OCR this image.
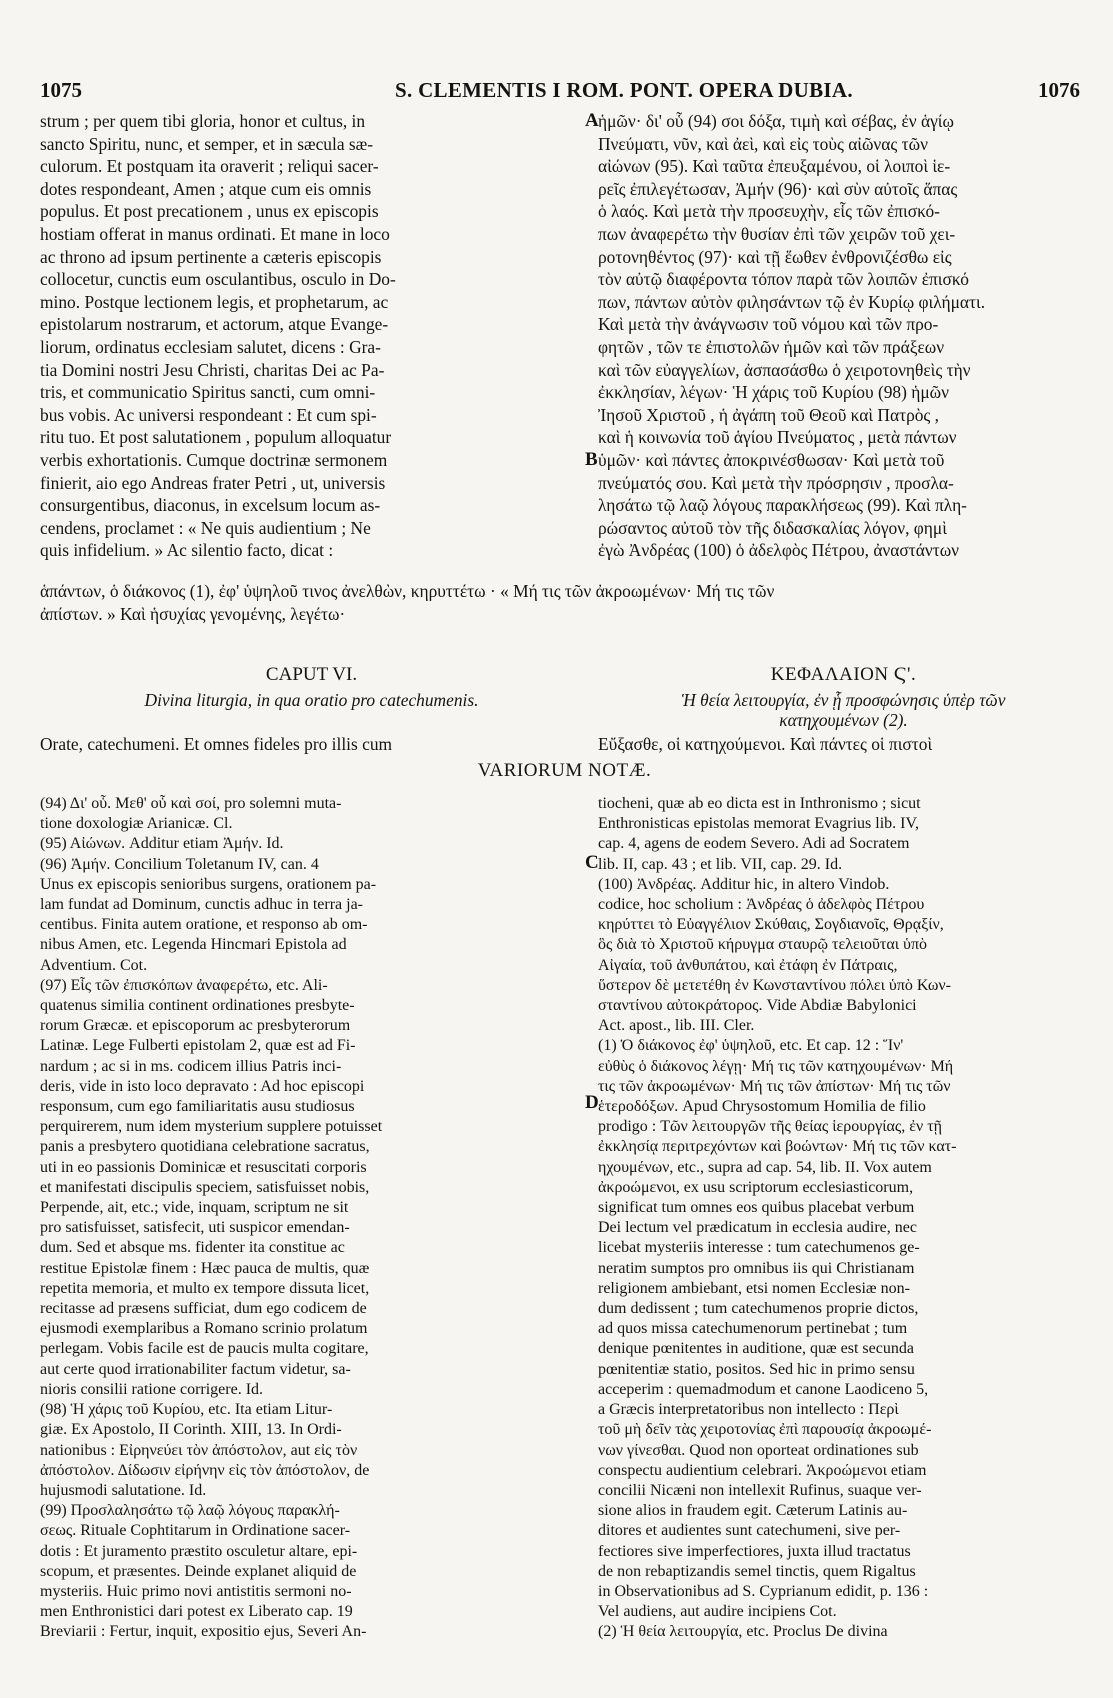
1075	S. CLEMENTIS I ROM. PONT. OPERA DUBIA.	1076

strum ; per quem tibi gloria, honor et cultus, in

sancto Spiritu, nunc, et semper, et in sæcula sæ-

culorum. Et postquam ita oraverit ; reliqui sacer-

dotes respondeant, Amen ; atque cum eis omnis

populus. Et post precationem , unus ex episcopis

hostiam offerat in manus ordinati. Et mane in loco

ac throno ad ipsum pertinente a cæteris episcopis

collocetur, cunctis eum osculantibus, osculo in Do-

mino. Postque lectionem legis, et prophetarum, ac

epistolarum nostrarum, et actorum, atque Evange-

liorum, ordinatus ecclesiam salutet, dicens : Gra-

tia Domini nostri Jesu Christi, charitas Dei ac Pa-

tris, et communicatio Spiritus sancti, cum omni-

bus vobis. Ac universi respondeant : Et cum spi-

ritu tuo. Et post salutationem , populum alloquatur

verbis exhortationis. Cumque doctrinæ sermonem

finierit, aio ego Andreas frater Petri , ut, universis

consurgentibus, diaconus, in excelsum locum as-

cendens, proclamet : « Ne quis audientium ; Ne

quis infidelium. » Ac silentio facto, dicat :

ἡμῶν· δι' οὗ (94) σοι δόξα, τιμὴ καὶ σέβας, ἐν ἁγίῳ

Πνεύματι, νῦν, καὶ ἀεὶ, καὶ εἰς τοὺς αἰῶνας τῶν

αἰώνων (95). Καὶ ταῦτα ἐπευξαμένου, οἱ λοιποὶ ἱε-

ρεῖς ἐπιλεγέτωσαν, Ἀμήν (96)· καὶ σὺν αὐτοῖς ἅπας

ὁ λαός. Καὶ μετὰ τὴν προσευχὴν, εἷς τῶν ἐπισκό-

πων ἀναφερέτω τὴν θυσίαν ἐπὶ τῶν χειρῶν τοῦ χει-

ροτονηθέντος (97)· καὶ τῇ ἕωθεν ἐνθρονιζέσθω εἰς

τὸν αὐτῷ διαφέροντα τόπον παρὰ τῶν λοιπῶν ἐπισκό

πων, πάντων αὐτὸν φιλησάντων τῷ ἐν Κυρίῳ φιλήματι.

Καὶ μετὰ τὴν ἀνάγνωσιν τοῦ νόμου καὶ τῶν προ-

φητῶν , τῶν τε ἐπιστολῶν ἡμῶν καὶ τῶν πράξεων

καὶ τῶν εὐαγγελίων, ἀσπασάσθω ὁ χειροτονηθεὶς τὴν

ἐκκλησίαν, λέγων· Ἡ χάρις τοῦ Κυρίου (98) ἡμῶν

Ἰησοῦ Χριστοῦ , ἡ ἀγάπη τοῦ Θεοῦ καὶ Πατρὸς ,

καὶ ἡ κοινωνία τοῦ ἁγίου Πνεύματος , μετὰ πάντων

ὑμῶν· καὶ πάντες ἀποκρινέσθωσαν· Καὶ μετὰ τοῦ

πνεύματός σου. Καὶ μετὰ τὴν πρόσρησιν , προσλα-

λησάτω τῷ λαῷ λόγους παρακλήσεως (99). Καὶ πλη-

ρώσαντος αὐτοῦ τὸν τῆς διδασκαλίας λόγον, φημὶ

ἐγὼ Ἀνδρέας (100) ὁ ἀδελφὸς Πέτρου, ἀναστάντων

A
B
C
D

ἁπάντων, ὁ διάκονος (1), ἐφ' ὑψηλοῦ τινος ἀνελθὼν, κηρυττέτω · « Μή τις τῶν ἀκροωμένων· Μή τις τῶν

ἀπίστων. » Καὶ ἡσυχίας γενομένης, λεγέτω·

CAPUT VI.
Divina liturgia, in qua oratio pro catechumenis.
ΚΕΦΑΛΑΙΟΝ Ϛ'.
Ἡ θεία λειτουργία, ἐν ᾗ προσφώνησις ὑπὲρ τῶν
κατηχουμένων (2).
Orate, catechumeni. Et omnes fideles pro illis cum	Εὔξασθε, οἱ κατηχούμενοι. Καὶ πάντες οἱ πιστοὶ
VARIORUM NOTÆ.

(94) Δι' οὗ. Μεθ' οὗ καὶ σοί, pro solemni muta-

tione doxologiæ Arianicæ. Cl.

(95) Αἰώνων. Additur etiam Ἀμήν. Id.

(96) Ἀμήν. Concilium Toletanum IV, can. 4

Unus ex episcopis senioribus surgens, orationem pa-

lam fundat ad Dominum, cunctis adhuc in terra ja-

centibus. Finita autem oratione, et responso ab om-

nibus Amen, etc. Legenda Hincmari Epistola ad

Adventium. Cot.

(97) Εἷς τῶν ἐπισκόπων ἀναφερέτω, etc. Ali-

quatenus similia continent ordinationes presbyte-

rorum Græcæ. et episcoporum ac presbyterorum

Latinæ. Lege Fulberti epistolam 2, quæ est ad Fi-

nardum ; ac si in ms. codicem illius Patris inci-

deris, vide in isto loco depravato : Ad hoc episcopi

responsum, cum ego familiaritatis ausu studiosus

perquirerem, num idem mysterium supplere potuisset

panis a presbytero quotidiana celebratione sacratus,

uti in eo passionis Dominicæ et resuscitati corporis

et manifestati discipulis speciem, satisfuisset nobis,

Perpende, ait, etc.; vide, inquam, scriptum ne sit

pro satisfuisset, satisfecit, uti suspicor emendan-

dum. Sed et absque ms. fidenter ita constitue ac

restitue Epistolæ finem : Hæc pauca de multis, quæ

repetita memoria, et multo ex tempore dissuta licet,

recitasse ad præsens sufficiat, dum ego codicem de

ejusmodi exemplaribus a Romano scrinio prolatum

perlegam. Vobis facile est de paucis multa cogitare,

aut certe quod irrationabiliter factum videtur, sa-

nioris consilii ratione corrigere. Id.

(98) Ἡ χάρις τοῦ Κυρίου, etc. Ita etiam Litur-

giæ. Ex Apostolo, II Corinth. XIII, 13. In Ordi-

nationibus : Εἰρηνεύει τὸν ἀπόστολον, aut εἰς τὸν

ἀπόστολον. Δίδωσιν εἰρήνην εἰς τὸν ἀπόστολον, de

hujusmodi salutatione. Id.

(99) Προσλαλησάτω τῷ λαῷ λόγους παρακλή-

σεως. Rituale Cophtitarum in Ordinatione sacer-

dotis : Et juramento præstito osculetur altare, epi-

scopum, et præsentes. Deinde explanet aliquid de

mysteriis. Huic primo novi antistitis sermoni no-

men Enthronistici dari potest ex Liberato cap. 19

Breviarii : Fertur, inquit, expositio ejus, Severi An-

tiocheni, quæ ab eo dicta est in Inthronismo ; sicut

Enthronisticas epistolas memorat Evagrius lib. IV,

cap. 4, agens de eodem Severo. Adi ad Socratem

lib. II, cap. 43 ; et lib. VII, cap. 29. Id.

(100) Ἀνδρέας. Additur hic, in altero Vindob.

codice, hoc scholium : Ἀνδρέας ὁ ἀδελφὸς Πέτρου

κηρύττει τὸ Εὐαγγέλιον Σκύθαις, Σογδιανοῖς, Θρᾳξίν,

ὃς διὰ τὸ Χριστοῦ κήρυγμα σταυρῷ τελειοῦται ὑπὸ

Αἰγαία, τοῦ ἀνθυπάτου, καὶ ἐτάφη ἐν Πάτραις,

ὕστερον δὲ μετετέθη ἐν Κωνσταντίνου πόλει ὑπὸ Κων-

σταντίνου αὐτοκράτορος. Vide Abdiæ Babylonici

Act. apost., lib. III. Cler.

(1) Ὁ διάκονος ἐφ' ὑψηλοῦ, etc. Et cap. 12 : Ἵν'

εὐθὺς ὁ διάκονος λέγῃ· Μή τις τῶν κατηχουμένων· Μή

τις τῶν ἀκροωμένων· Μή τις τῶν ἀπίστων· Μή τις τῶν

ἑτεροδόξων. Apud Chrysostomum Homilia de filio

prodigo : Τῶν λειτουργῶν τῆς θείας ἱερουργίας, ἐν τῇ

ἐκκλησίᾳ περιτρεχόντων καὶ βοώντων· Μή τις τῶν κατ-

ηχουμένων, etc., supra ad cap. 54, lib. II. Vox autem

ἀκροώμενοι, ex usu scriptorum ecclesiasticorum,

significat tum omnes eos quibus placebat verbum

Dei lectum vel prædicatum in ecclesia audire, nec

licebat mysteriis interesse : tum catechumenos ge-

neratim sumptos pro omnibus iis qui Christianam

religionem ambiebant, etsi nomen Ecclesiæ non-

dum dedissent ; tum catechumenos proprie dictos,

ad quos missa catechumenorum pertinebat ; tum

denique pœnitentes in auditione, quæ est secunda

pœnitentiæ statio, positos. Sed hic in primo sensu

acceperim : quemadmodum et canone Laodiceno 5,

a Græcis interpretatoribus non intellecto : Περὶ

τοῦ μὴ δεῖν τὰς χειροτονίας ἐπὶ παρουσίᾳ ἀκροωμέ-

νων γίνεσθαι. Quod non oporteat ordinationes sub

conspectu audientium celebrari. Ἀκροώμενοι etiam

concilii Nicæni non intellexit Rufinus, suaque ver-

sione alios in fraudem egit. Cæterum Latinis au-

ditores et audientes sunt catechumeni, sive per-

fectiores sive imperfectiores, juxta illud tractatus

de non rebaptizandis semel tinctis, quem Rigaltus

in Observationibus ad S. Cyprianum edidit, p. 136 :

Vel audiens, aut audire incipiens Cot.

(2) Ἡ θεία λειτουργία, etc. Proclus De divina
